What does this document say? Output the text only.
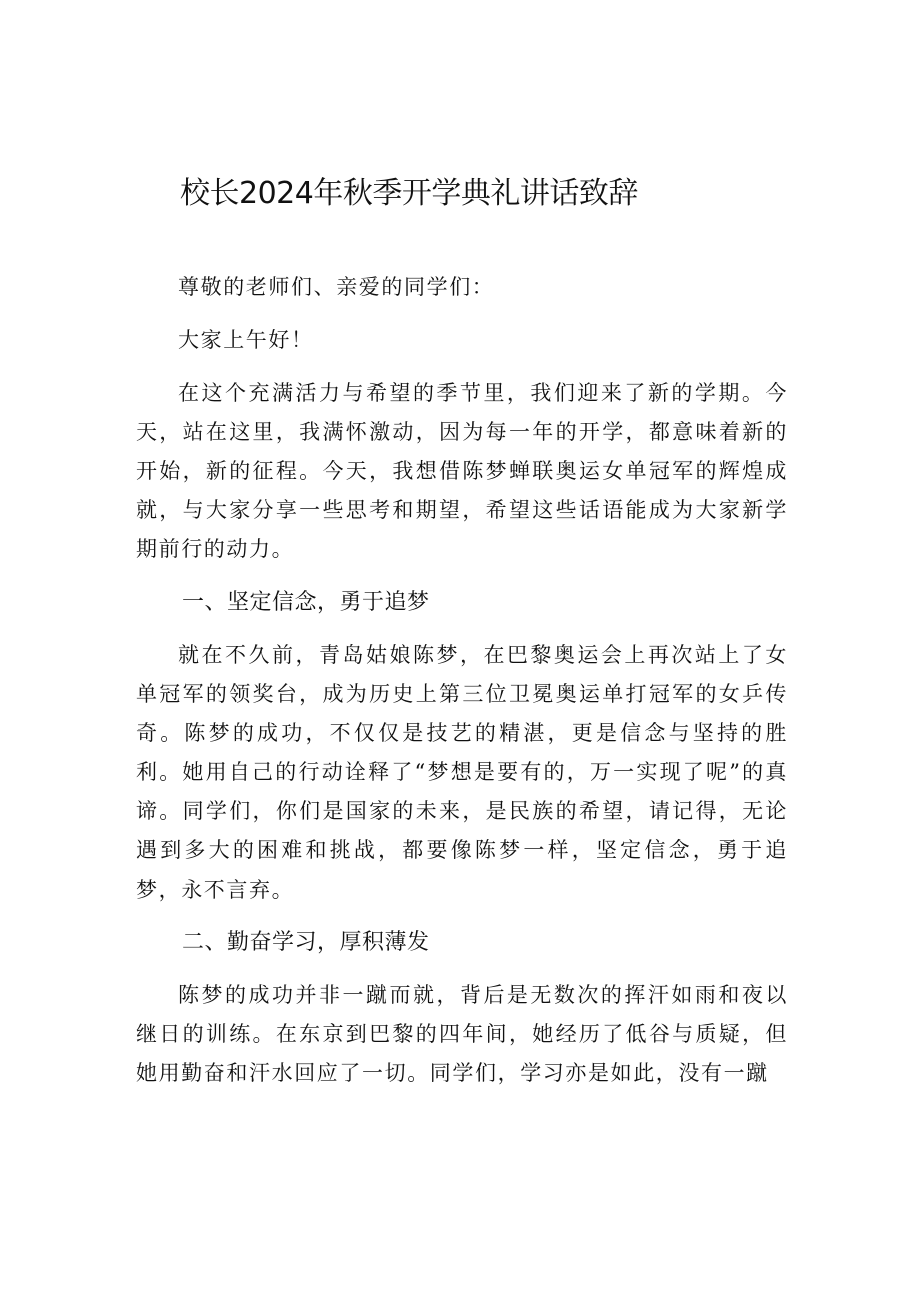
校长2024年秋季开学典礼讲话致辞

尊敬的老师们、亲爱的同学们：

大家上午好！

在这个充满活力与希望的季节里，我们迎来了新的学期。今天，站在这里，我满怀激动，因为每一年的开学，都意味着新的开始，新的征程。今天，我想借陈梦蝉联奥运女单冠军的辉煌成就，与大家分享一些思考和期望，希望这些话语能成为大家新学期前行的动力。

一、坚定信念，勇于追梦

就在不久前，青岛姑娘陈梦，在巴黎奥运会上再次站上了女单冠军的领奖台，成为历史上第三位卫冕奥运单打冠军的女乒传奇。陈梦的成功，不仅仅是技艺的精湛，更是信念与坚持的胜利。她用自己的行动诠释了“梦想是要有的，万一实现了呢”的真谛。同学们，你们是国家的未来，是民族的希望，请记得，无论遇到多大的困难和挑战，都要像陈梦一样，坚定信念，勇于追梦，永不言弃。

二、勤奋学习，厚积薄发

陈梦的成功并非一蹴而就，背后是无数次的挥汗如雨和夜以继日的训练。在东京到巴黎的四年间，她经历了低谷与质疑，但她用勤奋和汗水回应了一切。同学们，学习亦是如此，没有一蹴
